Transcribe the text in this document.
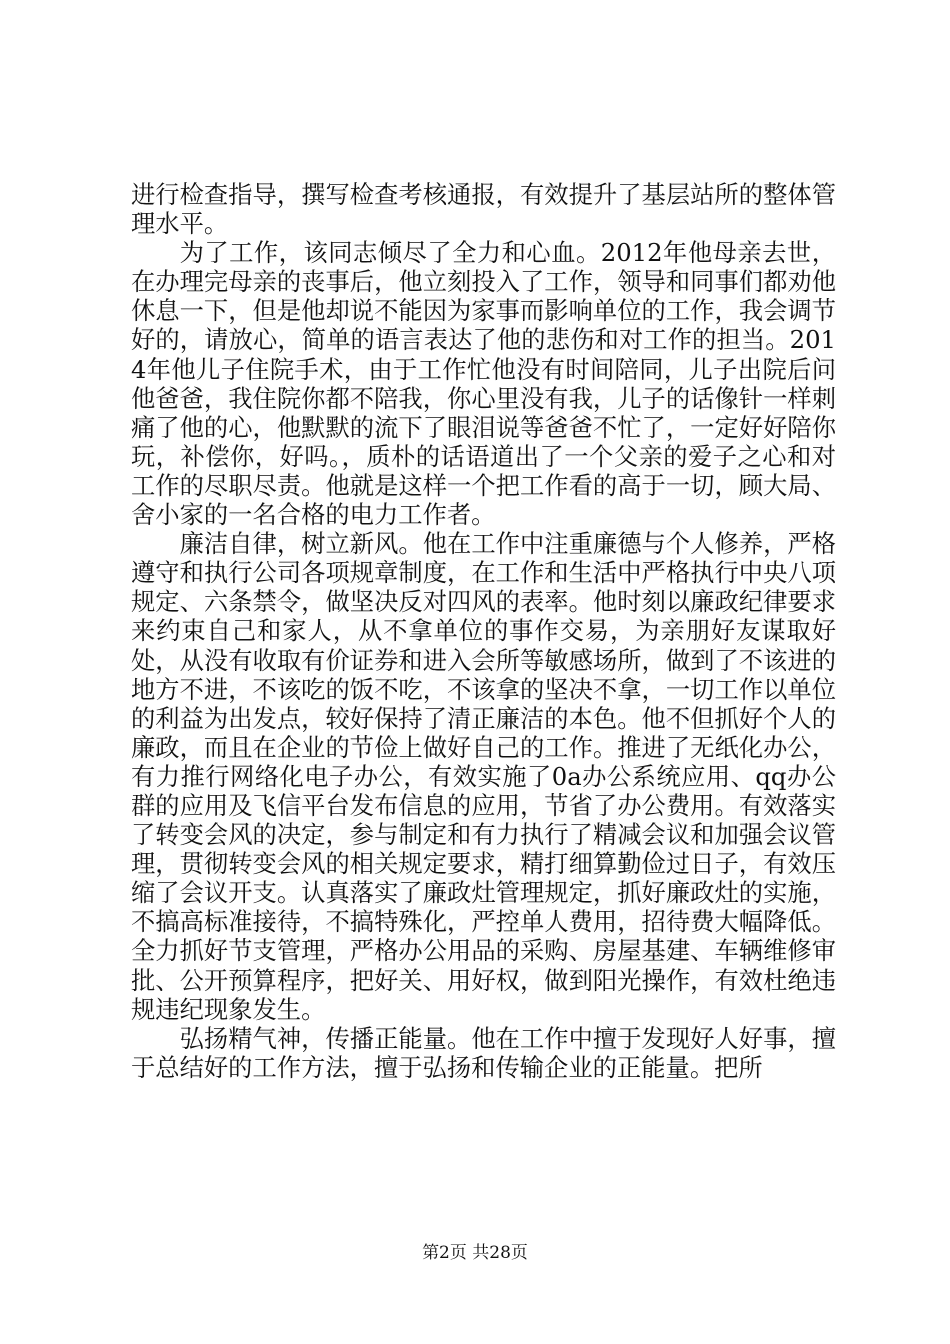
进行检查指导，撰写检查考核通报，有效提升了基层站所的整体管理水平。

为了工作，该同志倾尽了全力和心血。2012年他母亲去世，在办理完母亲的丧事后，他立刻投入了工作，领导和同事们都劝他休息一下，但是他却说不能因为家事而影响单位的工作，我会调节好的，请放心，简单的语言表达了他的悲伤和对工作的担当。2014年他儿子住院手术，由于工作忙他没有时间陪同，儿子出院后问他爸爸，我住院你都不陪我，你心里没有我，儿子的话像针一样刺痛了他的心，他默默的流下了眼泪说等爸爸不忙了，一定好好陪你玩，补偿你，好吗。，质朴的话语道出了一个父亲的爱子之心和对工作的尽职尽责。他就是这样一个把工作看的高于一切，顾大局、舍小家的一名合格的电力工作者。

廉洁自律，树立新风。他在工作中注重廉德与个人修养，严格遵守和执行公司各项规章制度，在工作和生活中严格执行中央八项规定、六条禁令，做坚决反对四风的表率。他时刻以廉政纪律要求来约束自己和家人，从不拿单位的事作交易，为亲朋好友谋取好处，从没有收取有价证券和进入会所等敏感场所，做到了不该进的地方不进，不该吃的饭不吃，不该拿的坚决不拿，一切工作以单位的利益为出发点，较好保持了清正廉洁的本色。他不但抓好个人的廉政，而且在企业的节俭上做好自己的工作。推进了无纸化办公，有力推行网络化电子办公，有效实施了0a办公系统应用、qq办公群的应用及飞信平台发布信息的应用，节省了办公费用。有效落实了转变会风的决定，参与制定和有力执行了精减会议和加强会议管理，贯彻转变会风的相关规定要求，精打细算勤俭过日子，有效压缩了会议开支。认真落实了廉政灶管理规定，抓好廉政灶的实施，不搞高标准接待，不搞特殊化，严控单人费用，招待费大幅降低。全力抓好节支管理，严格办公用品的采购、房屋基建、车辆维修审批、公开预算程序，把好关、用好权，做到阳光操作，有效杜绝违规违纪现象发生。

弘扬精气神，传播正能量。他在工作中擅于发现好人好事，擅于总结好的工作方法，擅于弘扬和传输企业的正能量。把所

第2页 共28页
